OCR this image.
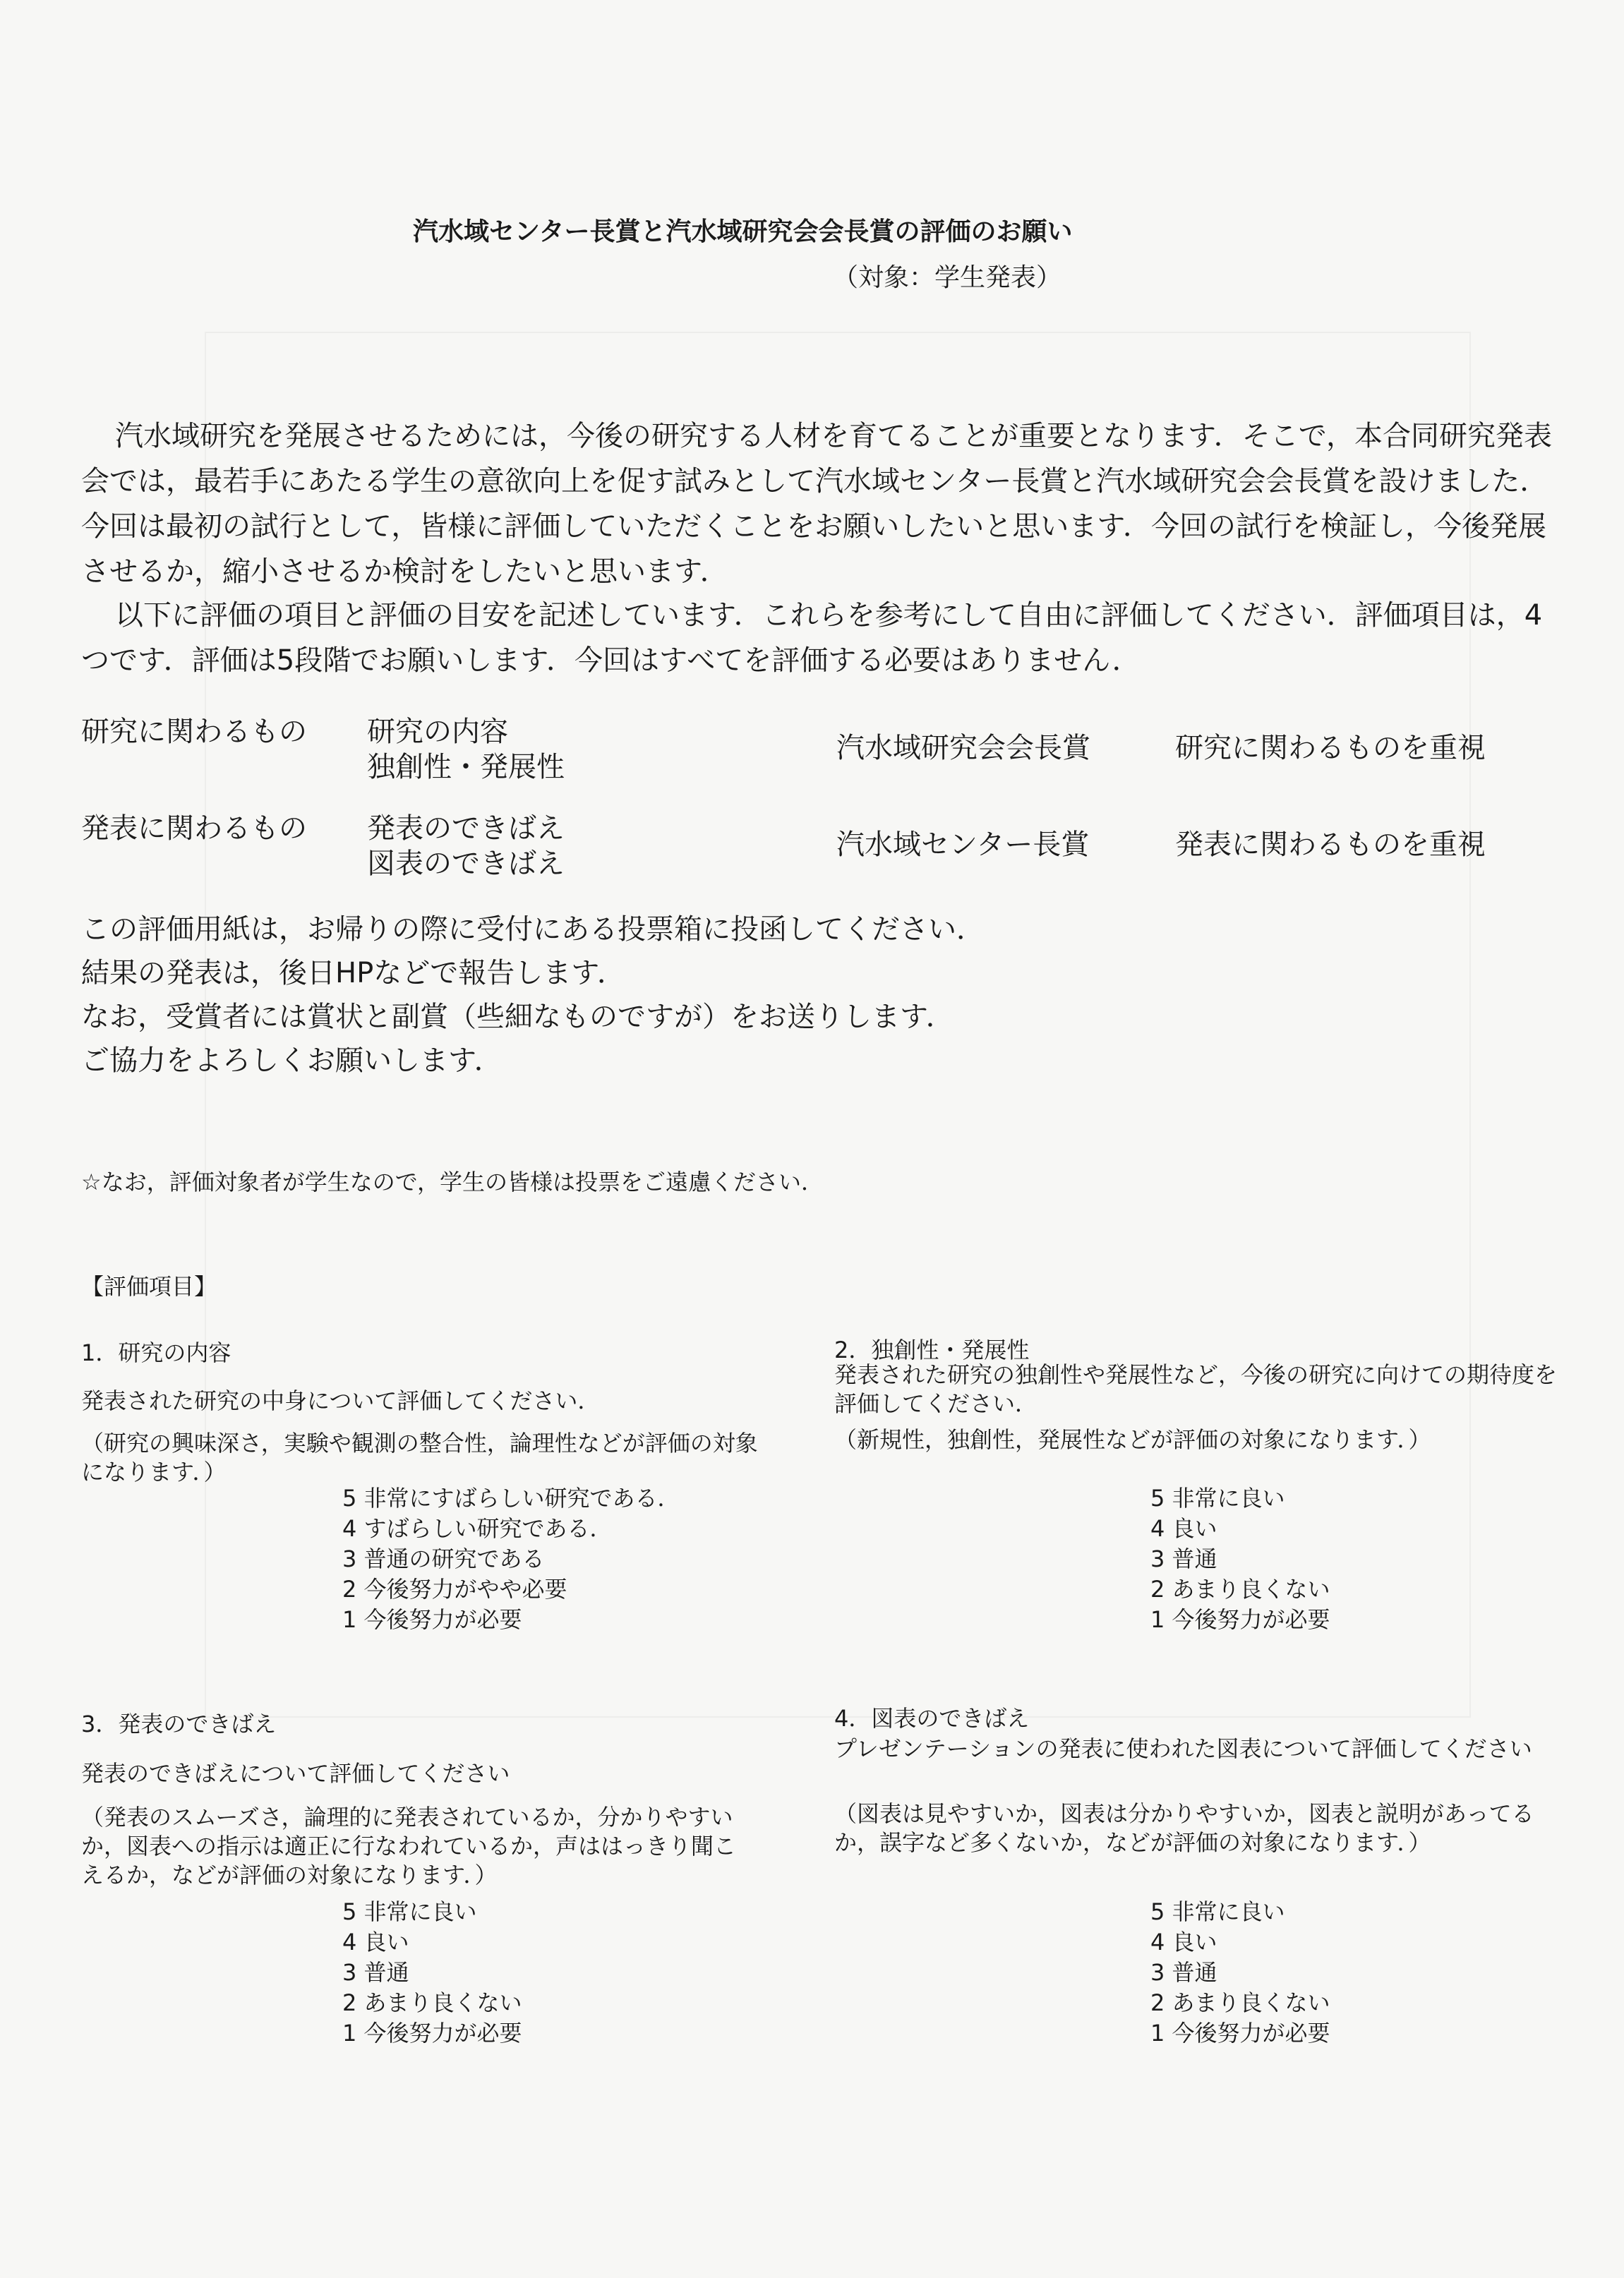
汽水域センター長賞と汽水域研究会会長賞の評価のお願い
（対象：学生発表）
汽水域研究を発展させるためには，今後の研究する人材を育てることが重要となります．そこで，本合同研究発表会では，最若手にあたる学生の意欲向上を促す試みとして汽水域センター長賞と汽水域研究会会長賞を設けました．今回は最初の試行として，皆様に評価していただくことをお願いしたいと思います．今回の試行を検証し，今後発展させるか，縮小させるか検討をしたいと思います．
以下に評価の項目と評価の目安を記述しています．これらを参考にして自由に評価してください．評価項目は，4つです．評価は5段階でお願いします．今回はすべてを評価する必要はありません．
研究に関わるもの 研究の内容
独創性・発展性
発表に関わるもの 発表のできばえ
図表のできばえ
汽水域研究会会長賞	研究に関わるものを重視
汽水域センター長賞	発表に関わるものを重視
この評価用紙は，お帰りの際に受付にある投票箱に投函してください．
結果の発表は，後日HPなどで報告します．
なお，受賞者には賞状と副賞（些細なものですが）をお送りします．
ご協力をよろしくお願いします．
☆なお，評価対象者が学生なので，学生の皆様は投票をご遠慮ください．
【評価項目】
1．研究の内容
発表された研究の中身について評価してください．
（研究の興味深さ，実験や観測の整合性，論理性などが評価の対象になります．）
5 非常にすばらしい研究である．
4 すばらしい研究である．
3 普通の研究である
2 今後努力がやや必要
1 今後努力が必要
2．独創性・発展性
発表された研究の独創性や発展性など，今後の研究に向けての期待度を評価してください．
（新規性，独創性，発展性などが評価の対象になります．）
5 非常に良い
4 良い
3 普通
2 あまり良くない
1 今後努力が必要
3．発表のできばえ
発表のできばえについて評価してください
（発表のスムーズさ，論理的に発表されているか，分かりやすいか，図表への指示は適正に行なわれているか，声ははっきり聞こえるか，などが評価の対象になります．）
5 非常に良い
4 良い
3 普通
2 あまり良くない
1 今後努力が必要
4．図表のできばえ
プレゼンテーションの発表に使われた図表について評価してください
（図表は見やすいか，図表は分かりやすいか，図表と説明があってるか，誤字など多くないか，などが評価の対象になります．）
5 非常に良い
4 良い
3 普通
2 あまり良くない
1 今後努力が必要
